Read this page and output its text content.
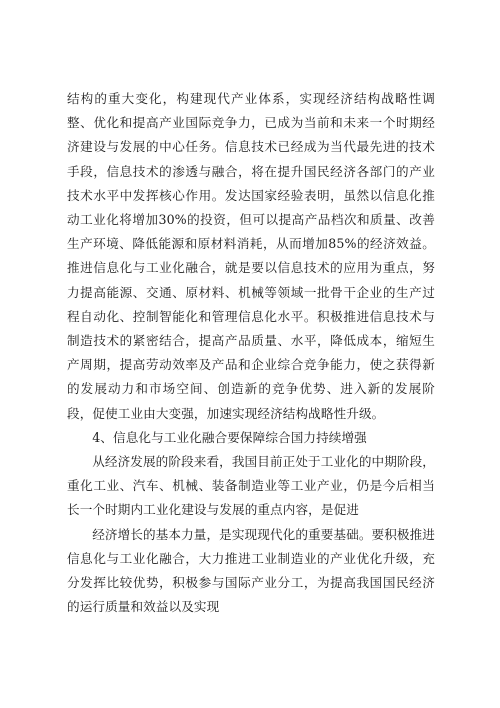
结构的重大变化，构建现代产业体系，实现经济结构战略性调整、优化和提高产业国际竞争力，已成为当前和未来一个时期经济建设与发展的中心任务。信息技术已经成为当代最先进的技术手段，信息技术的渗透与融合，将在提升国民经济各部门的产业技术水平中发挥核心作用。发达国家经验表明，虽然以信息化推动工业化将增加30%的投资，但可以提高产品档次和质量、改善生产环境、降低能源和原材料消耗，从而增加85%的经济效益。推进信息化与工业化融合，就是要以信息技术的应用为重点，努力提高能源、交通、原材料、机械等领域一批骨干企业的生产过程自动化、控制智能化和管理信息化水平。积极推进信息技术与制造技术的紧密结合，提高产品质量、水平，降低成本，缩短生产周期，提高劳动效率及产品和企业综合竞争能力，使之获得新的发展动力和市场空间、创造新的竞争优势、进入新的发展阶段，促使工业由大变强，加速实现经济结构战略性升级。

4、信息化与工业化融合要保障综合国力持续增强

从经济发展的阶段来看，我国目前正处于工业化的中期阶段，重化工业、汽车、机械、装备制造业等工业产业，仍是今后相当长一个时期内工业化建设与发展的重点内容，是促进

经济增长的基本力量，是实现现代化的重要基础。要积极推进信息化与工业化融合，大力推进工业制造业的产业优化升级，充分发挥比较优势，积极参与国际产业分工，为提高我国国民经济的运行质量和效益以及实现
